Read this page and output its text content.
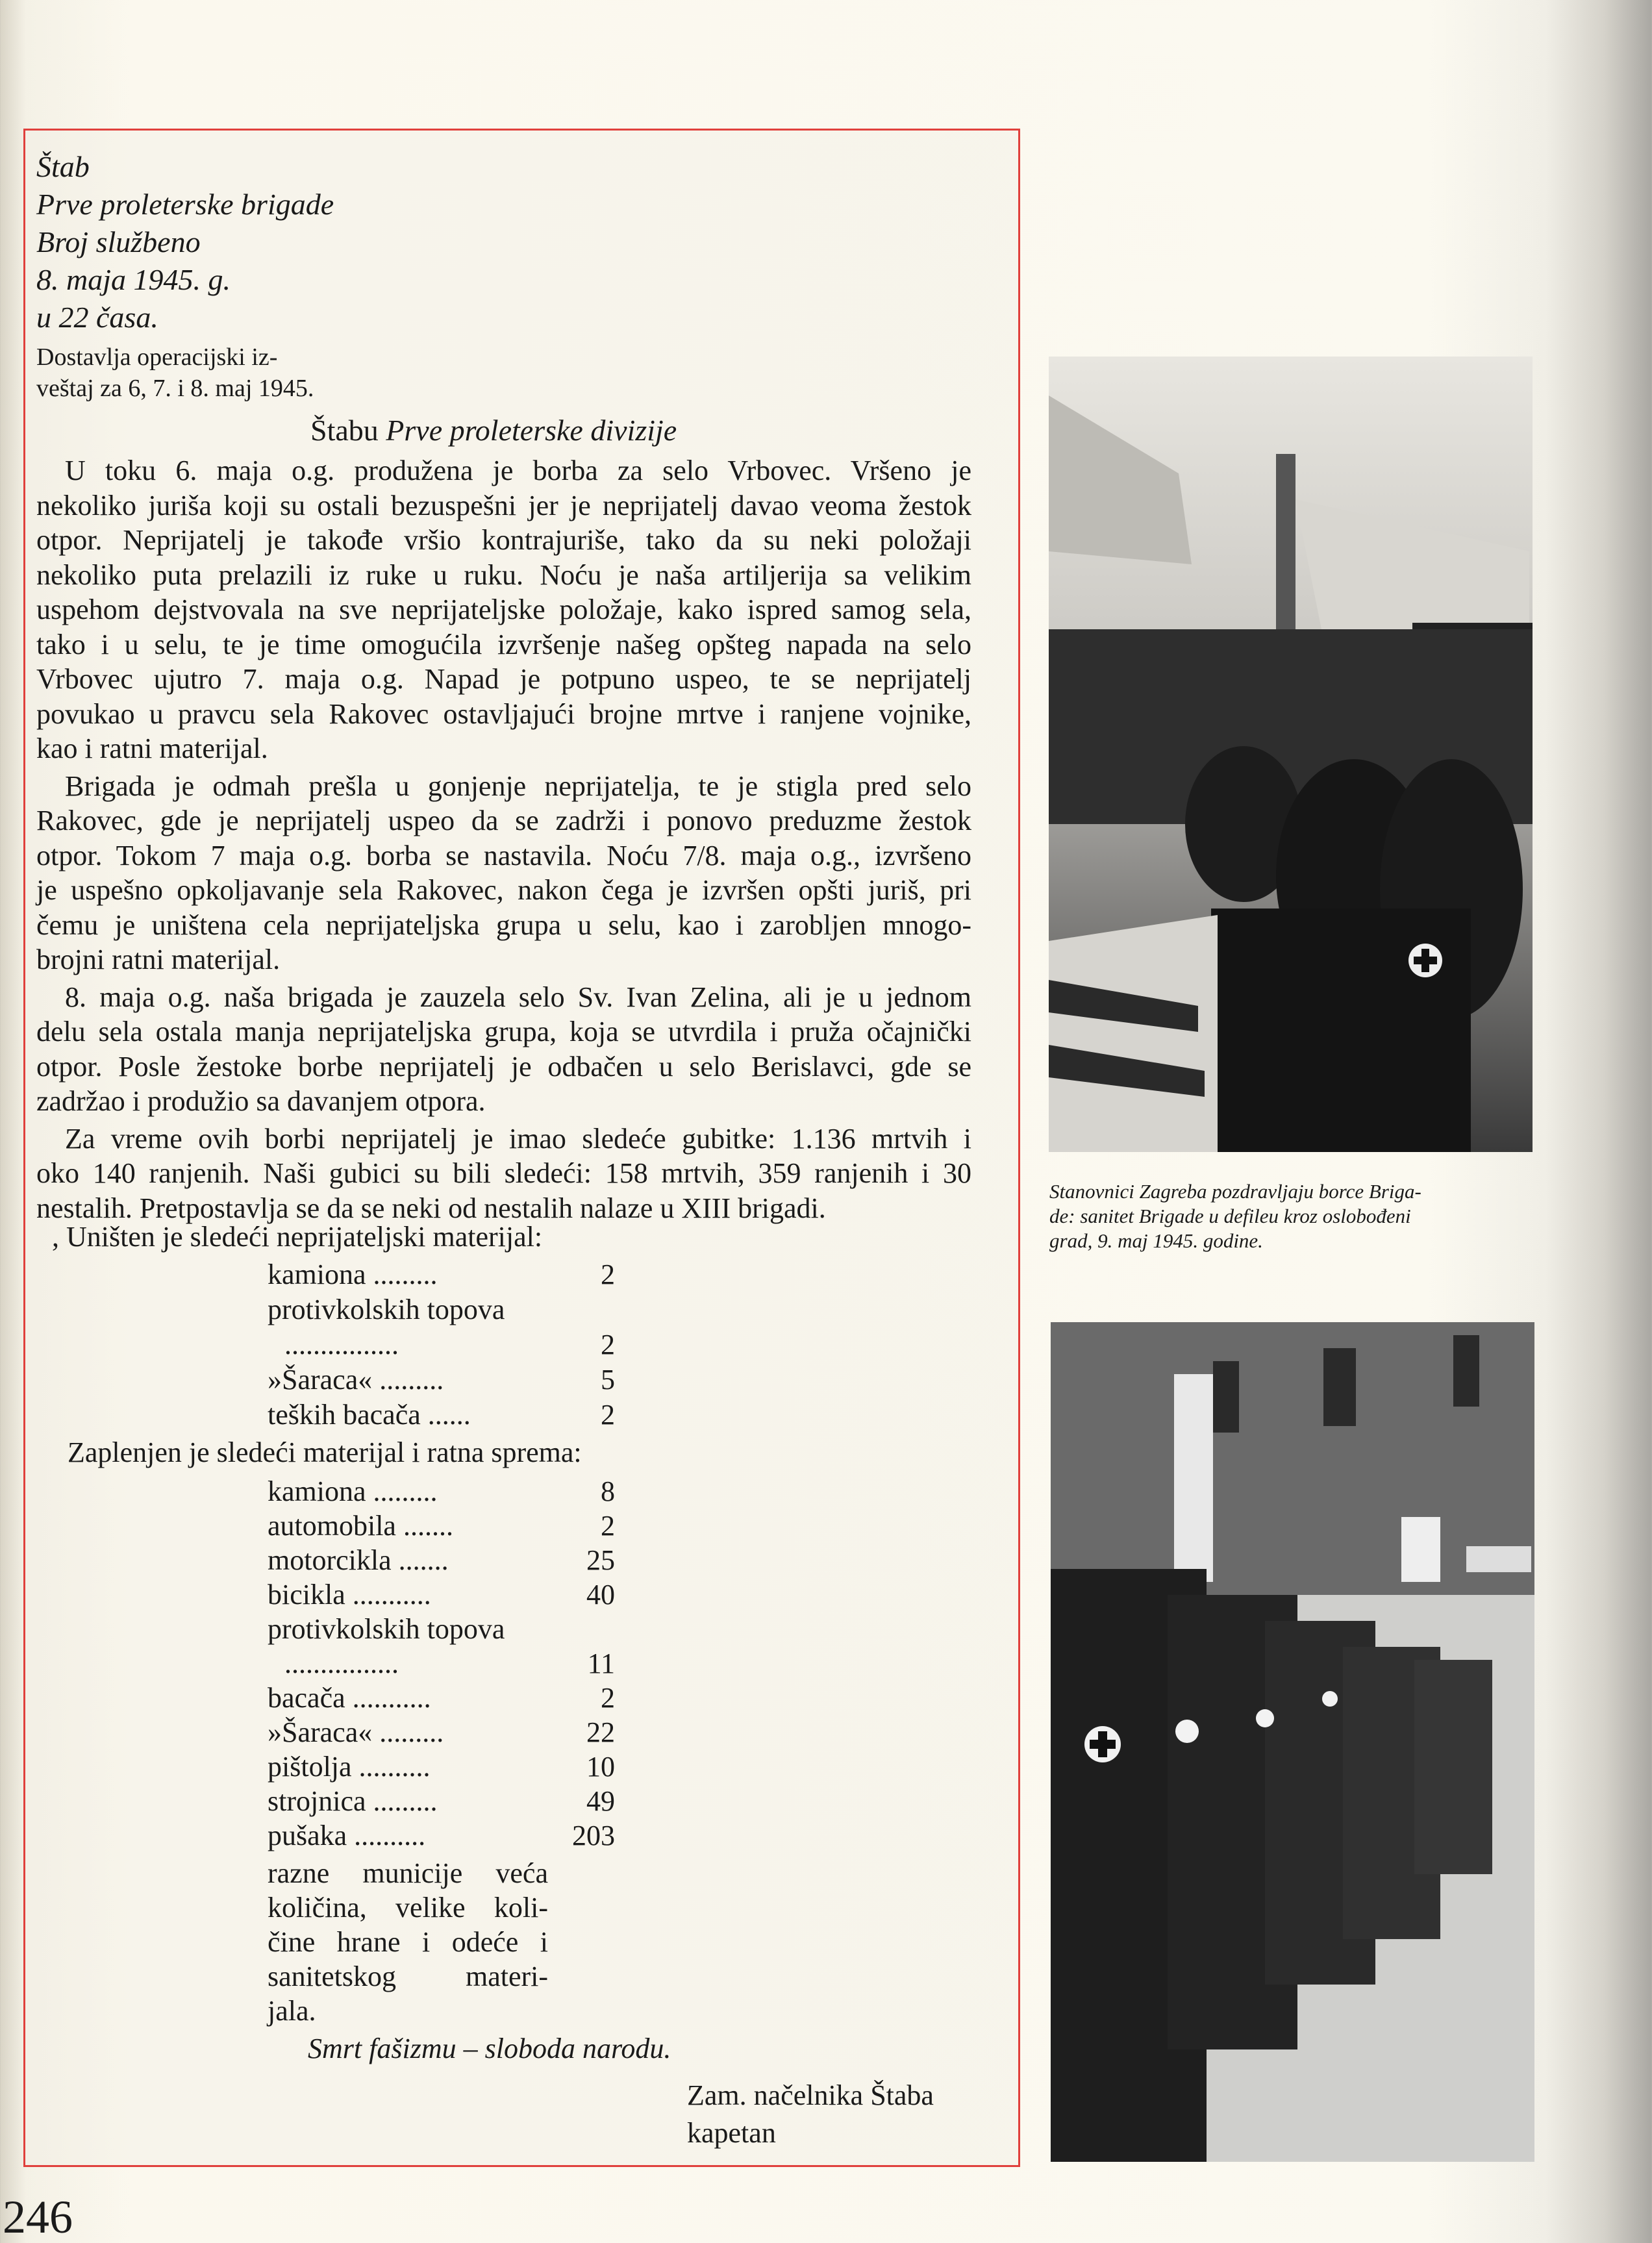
Štab
Prve proleterske brigade
Broj službeno
8. maja 1945. g.
u 22 časa.
Dostavlja operacijski iz-
veštaj za 6, 7. i 8. maj 1945.
Štabu Prve proleterske divizije
U toku 6. maja o.g. produžena je borba za selo Vrbovec. Vršeno je
nekoliko juriša koji su ostali bezuspešni jer je neprijatelj davao veoma žestok
otpor. Neprijatelj je takođe vršio kontrajuriše, tako da su neki položaji
nekoliko puta prelazili iz ruke u ruku. Noću je naša artiljerija sa velikim
uspehom dejstvovala na sve neprijateljske položaje, kako ispred samog sela,
tako i u selu, te je time omogućila izvršenje našeg opšteg napada na selo
Vrbovec ujutro 7. maja o.g. Napad je potpuno uspeo, te se neprijatelj
povukao u pravcu sela Rakovec ostavljajući brojne mrtve i ranjene vojnike,
kao i ratni materijal.
Brigada je odmah prešla u gonjenje neprijatelja, te je stigla pred selo
Rakovec, gde je neprijatelj uspeo da se zadrži i ponovo preduzme žestok
otpor. Tokom 7 maja o.g. borba se nastavila. Noću 7/8. maja o.g., izvršeno
je uspešno opkoljavanje sela Rakovec, nakon čega je izvršen opšti juriš, pri
čemu je uništena cela neprijateljska grupa u selu, kao i zarobljen mnogo-
brojni ratni materijal.
8. maja o.g. naša brigada je zauzela selo Sv. Ivan Zelina, ali je u jednom
delu sela ostala manja neprijateljska grupa, koja se utvrdila i pruža očajnički
otpor. Posle žestoke borbe neprijatelj je odbačen u selo Berislavci, gde se
zadržao i produžio sa davanjem otpora.
Za vreme ovih borbi neprijatelj je imao sledeće gubitke: 1.136 mrtvih i
oko 140 ranjenih. Naši gubici su bili sledeći: 158 mrtvih, 359 ranjenih i 30
nestalih. Pretpostavlja se da se neki od nestalih nalaze u XIII brigadi.
, Uništen je sledeći neprijateljski materijal:
kamiona .........	2
protivkolskih topova
................	2
»Šaraca« .........	5
teških bacača ......	2
Zaplenjen je sledeći materijal i ratna sprema:
kamiona .........	8
automobila .......	2
motorcikla .......	25
bicikla ...........	40
protivkolskih topova
................	11
bacača ...........	2
»Šaraca« .........	22
pištolja ..........	10
strojnica .........	49
pušaka ..........	203
razne municije veća
količina, velike koli-
čine hrane i odeće i
sanitetskog materi-
jala.
Smrt fašizmu – sloboda narodu.
Zam. načelnika Štaba
kapetan
Stanovnici Zagreba pozdravljaju borce Briga-
de: sanitet Brigade u defileu kroz oslobođeni
grad, 9. maj 1945. godine.
246
